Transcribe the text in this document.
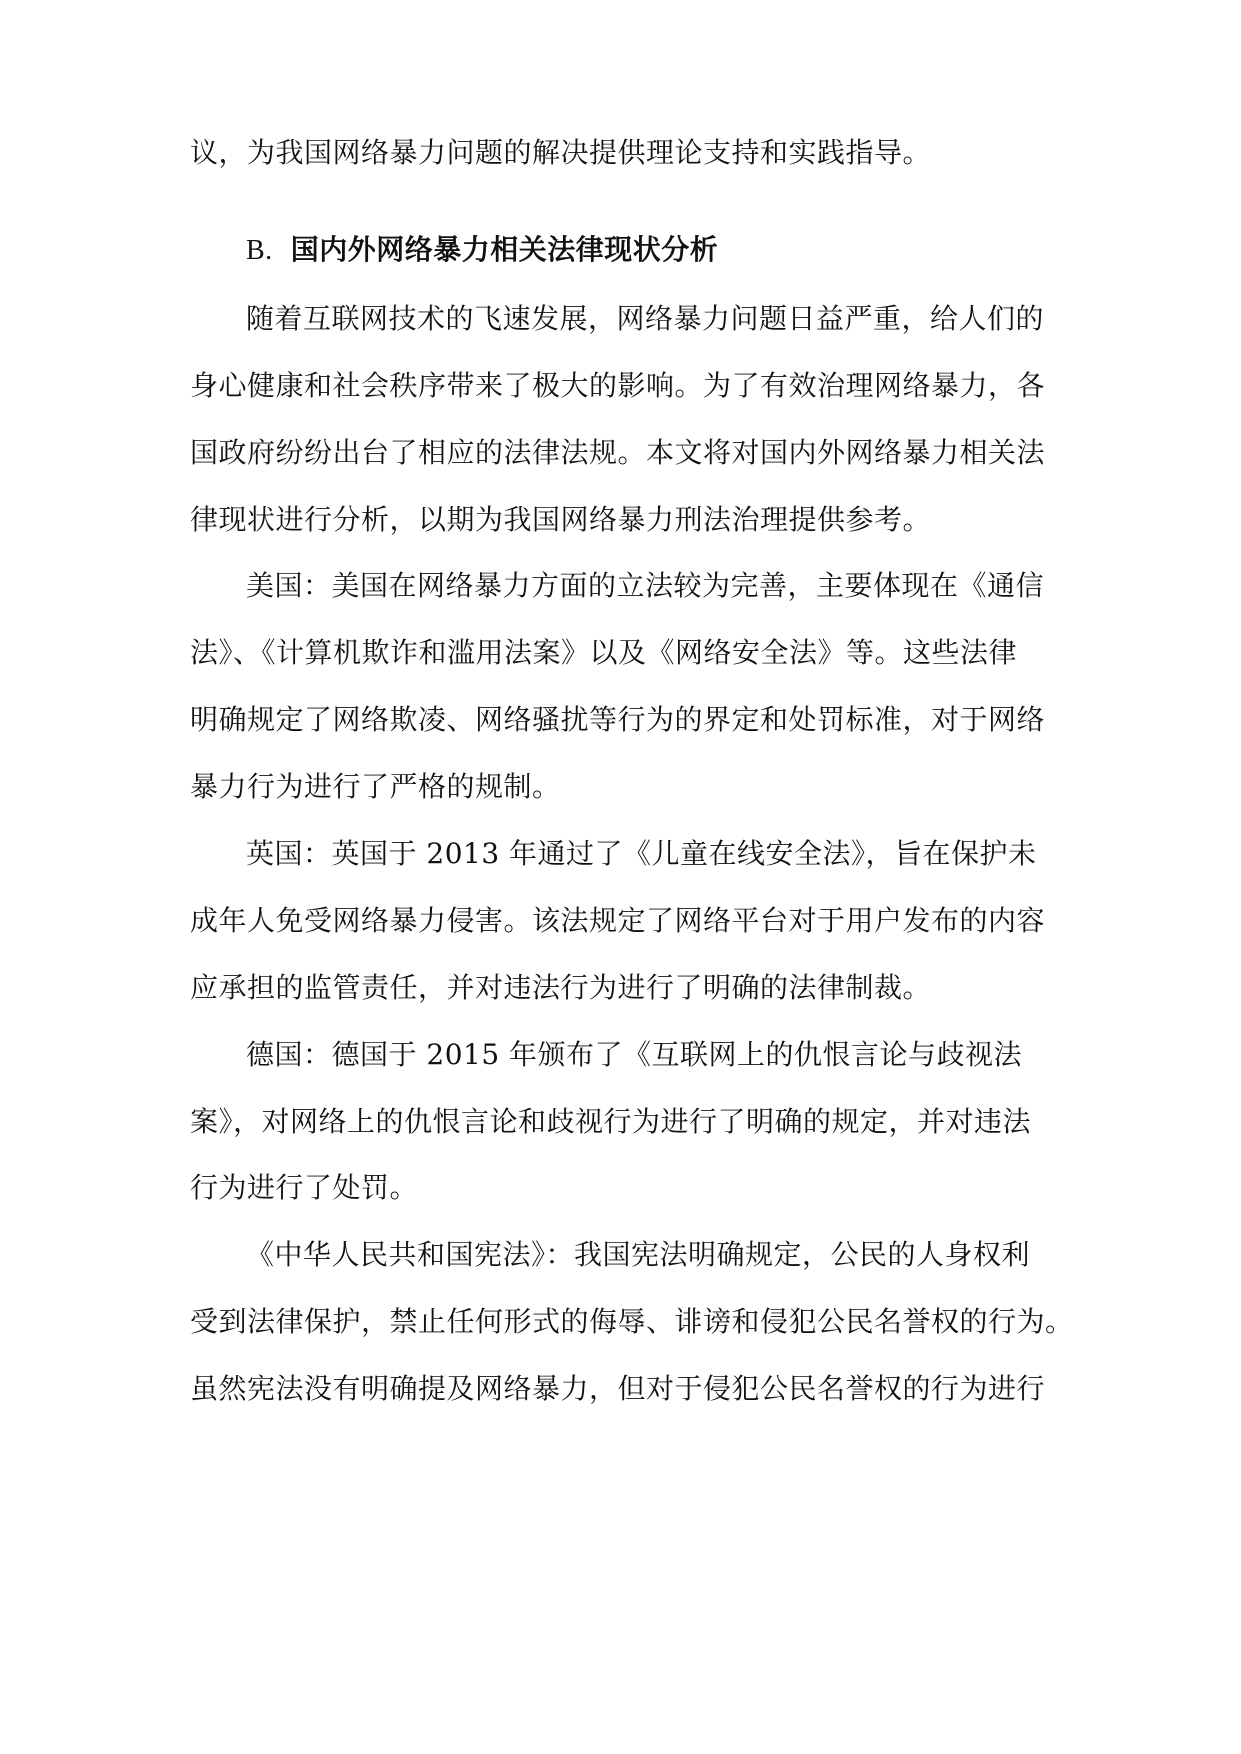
议，为我国网络暴力问题的解决提供理论支持和实践指导。
B. 国内外网络暴力相关法律现状分析
随着互联网技术的飞速发展，网络暴力问题日益严重，给人们的
身心健康和社会秩序带来了极大的影响。为了有效治理网络暴力，各
国政府纷纷出台了相应的法律法规。本文将对国内外网络暴力相关法
律现状进行分析，以期为我国网络暴力刑法治理提供参考。
美国：美国在网络暴力方面的立法较为完善，主要体现在《通信
法》、《计算机欺诈和滥用法案》以及《网络安全法》等。这些法律
明确规定了网络欺凌、网络骚扰等行为的界定和处罚标准，对于网络
暴力行为进行了严格的规制。
英国：英国于 2013 年通过了《儿童在线安全法》，旨在保护未
成年人免受网络暴力侵害。该法规定了网络平台对于用户发布的内容
应承担的监管责任，并对违法行为进行了明确的法律制裁。
德国：德国于 2015 年颁布了《互联网上的仇恨言论与歧视法
案》，对网络上的仇恨言论和歧视行为进行了明确的规定，并对违法
行为进行了处罚。
《中华人民共和国宪法》：我国宪法明确规定，公民的人身权利
受到法律保护，禁止任何形式的侮辱、诽谤和侵犯公民名誉权的行为。
虽然宪法没有明确提及网络暴力，但对于侵犯公民名誉权的行为进行
